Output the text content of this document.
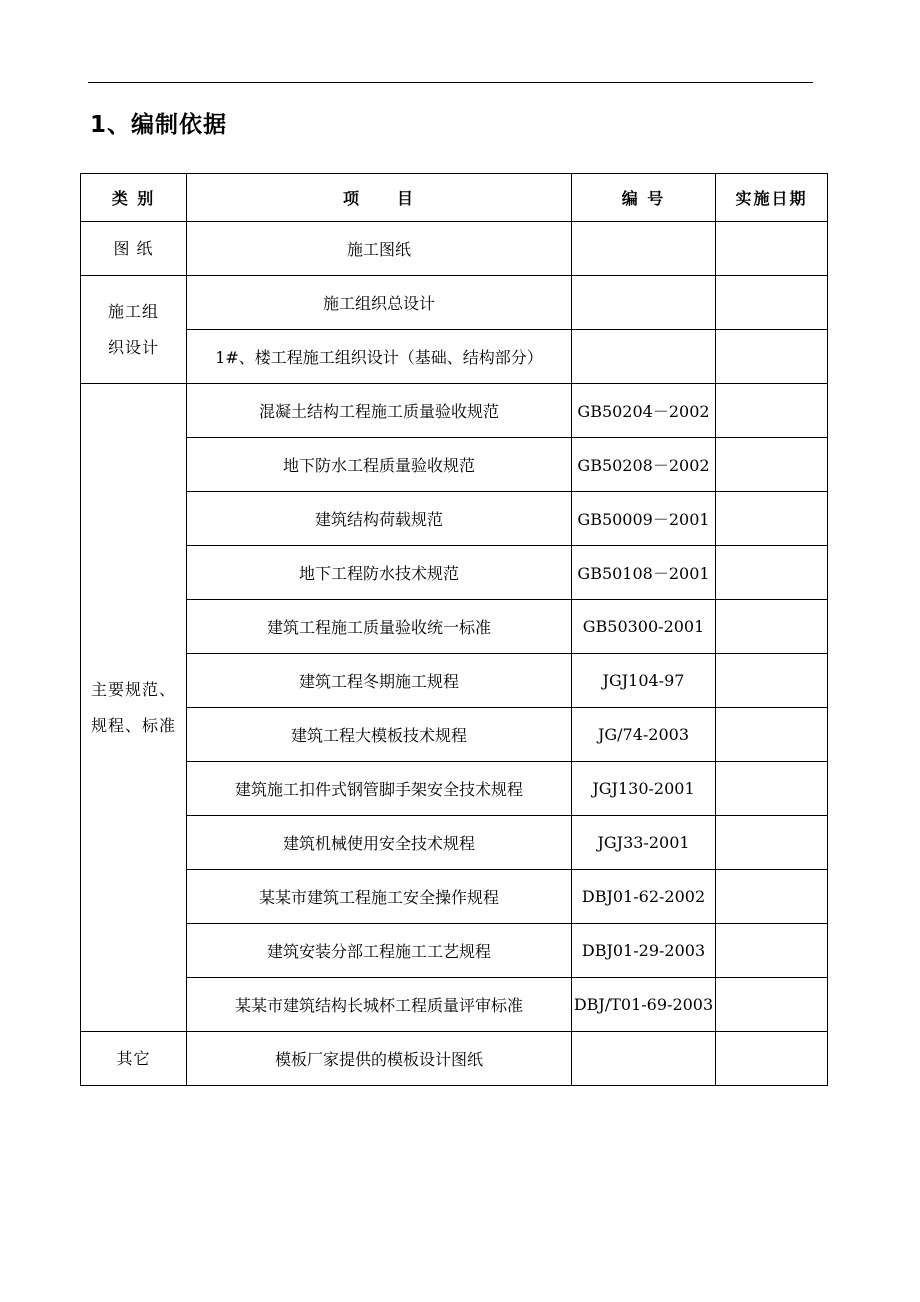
1、编制依据
类 别	项　　目	编 号	实施日期

图 纸	施工图纸		

施工组
织设计	施工组织总设计		
	1#、楼工程施工组织设计（基础、结构部分）		

主要规范、
规程、标准	混凝土结构工程施工质量验收规范	GB50204－2002	
	地下防水工程质量验收规范	GB50208－2002	
	建筑结构荷载规范	GB50009－2001	
	地下工程防水技术规范	GB50108－2001	
	建筑工程施工质量验收统一标准	GB50300-2001	
	建筑工程冬期施工规程	JGJ104-97	
	建筑工程大模板技术规程	JG/74-2003	
	建筑施工扣件式钢管脚手架安全技术规程	JGJ130-2001	
	建筑机械使用安全技术规程	JGJ33-2001	
	某某市建筑工程施工安全操作规程	DBJ01-62-2002	
	建筑安装分部工程施工工艺规程	DBJ01-29-2003	
	某某市建筑结构长城杯工程质量评审标准	DBJ/T01-69-2003	

其它	模板厂家提供的模板设计图纸		
